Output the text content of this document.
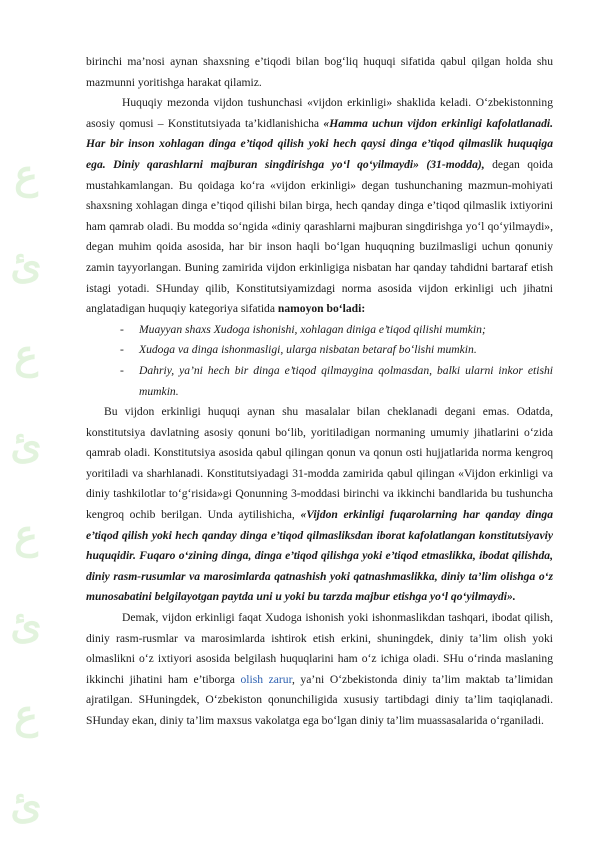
ع
ئ
ع
ئ
ع
ئ
ع
ئ

birinchi ma’nosi aynan shaxsning e’tiqodi bilan bog‘liq huquqi sifatida qabul qilgan holda shu mazmunni yoritishga harakat qilamiz.

Huquqiy mezonda vijdon tushunchasi «vijdon erkinligi» shaklida keladi. O‘zbekistonning asosiy qomusi – Konstitutsiyada ta’kidlanishicha «Hamma uchun vijdon erkinligi kafolatlanadi. Har bir inson xohlagan dinga e’tiqod qilish yoki hech qaysi dinga e’tiqod qilmaslik huquqiga ega. Diniy qarashlarni majburan singdirishga yo‘l qo‘yilmaydi» (31-modda), degan qoida mustahkamlangan. Bu qoidaga ko‘ra «vijdon erkinligi» degan tushunchaning mazmun-mohiyati shaxsning xohlagan dinga e’tiqod qilishi bilan birga, hech qanday dinga e’tiqod qilmaslik ixtiyorini ham qamrab oladi. Bu modda so‘ngida «diniy qarashlarni majburan singdirishga yo‘l qo‘yilmaydi», degan muhim qoida asosida, har bir inson haqli bo‘lgan huquqning buzilmasligi uchun qonuniy zamin tayyorlangan. Buning zamirida vijdon erkinligiga nisbatan har qanday tahdidni bartaraf etish istagi yotadi. SHunday qilib, Konstitutsiyamizdagi norma asosida vijdon erkinligi uch jihatni anglatadigan huquqiy kategoriya sifatida namoyon bo‘ladi:

- Muayyan shaxs Xudoga ishonishi, xohlagan diniga e’tiqod qilishi mumkin;
- Xudoga va dinga ishonmasligi, ularga nisbatan betaraf bo‘lishi mumkin.
- Dahriy, ya’ni hech bir dinga e’tiqod qilmaygina qolmasdan, balki ularni inkor etishi mumkin.

Bu vijdon erkinligi huquqi aynan shu masalalar bilan cheklanadi degani emas. Odatda, konstitutsiya davlatning asosiy qonuni bo‘lib, yoritiladigan normaning umumiy jihatlarini o‘zida qamrab oladi. Konstitutsiya asosida qabul qilingan qonun va qonun osti hujjatlarida norma kengroq yoritiladi va sharhlanadi. Konstitutsiyadagi 31-modda zamirida qabul qilingan «Vijdon erkinligi va diniy tashkilotlar to‘g‘risida»gi Qonunning 3-moddasi birinchi va ikkinchi bandlarida bu tushuncha kengroq ochib berilgan. Unda aytilishicha, «Vijdon erkinligi fuqarolarning har qanday dinga e’tiqod qilish yoki hech qanday dinga e’tiqod qilmasliksdan iborat kafolatlangan konstitutsiyaviy huquqidir. Fuqaro o‘zining dinga, dinga e’tiqod qilishga yoki e’tiqod etmaslikka, ibodat qilishda, diniy rasm-rusumlar va marosimlarda qatnashish yoki qatnashmaslikka, diniy ta’lim olishga o‘z munosabatini belgilayotgan paytda uni u yoki bu tarzda majbur etishga yo‘l qo‘yilmaydi».

Demak, vijdon erkinligi faqat Xudoga ishonish yoki ishonmaslikdan tashqari, ibodat qilish, diniy rasm-rusmlar va marosimlarda ishtirok etish erkini, shuningdek, diniy ta’lim olish yoki olmaslikni o‘z ixtiyori asosida belgilash huquqlarini ham o‘z ichiga oladi. SHu o‘rinda maslaning ikkinchi jihatini ham e’tiborga olish zarur, ya’ni O‘zbekistonda diniy ta’lim maktab ta’limidan ajratilgan. SHuningdek, O‘zbekiston qonunchiligida xususiy tartibdagi diniy ta’lim taqiqlanadi. SHunday ekan, diniy ta’lim maxsus vakolatga ega bo‘lgan diniy ta’lim muassasalarida o‘rganiladi.
